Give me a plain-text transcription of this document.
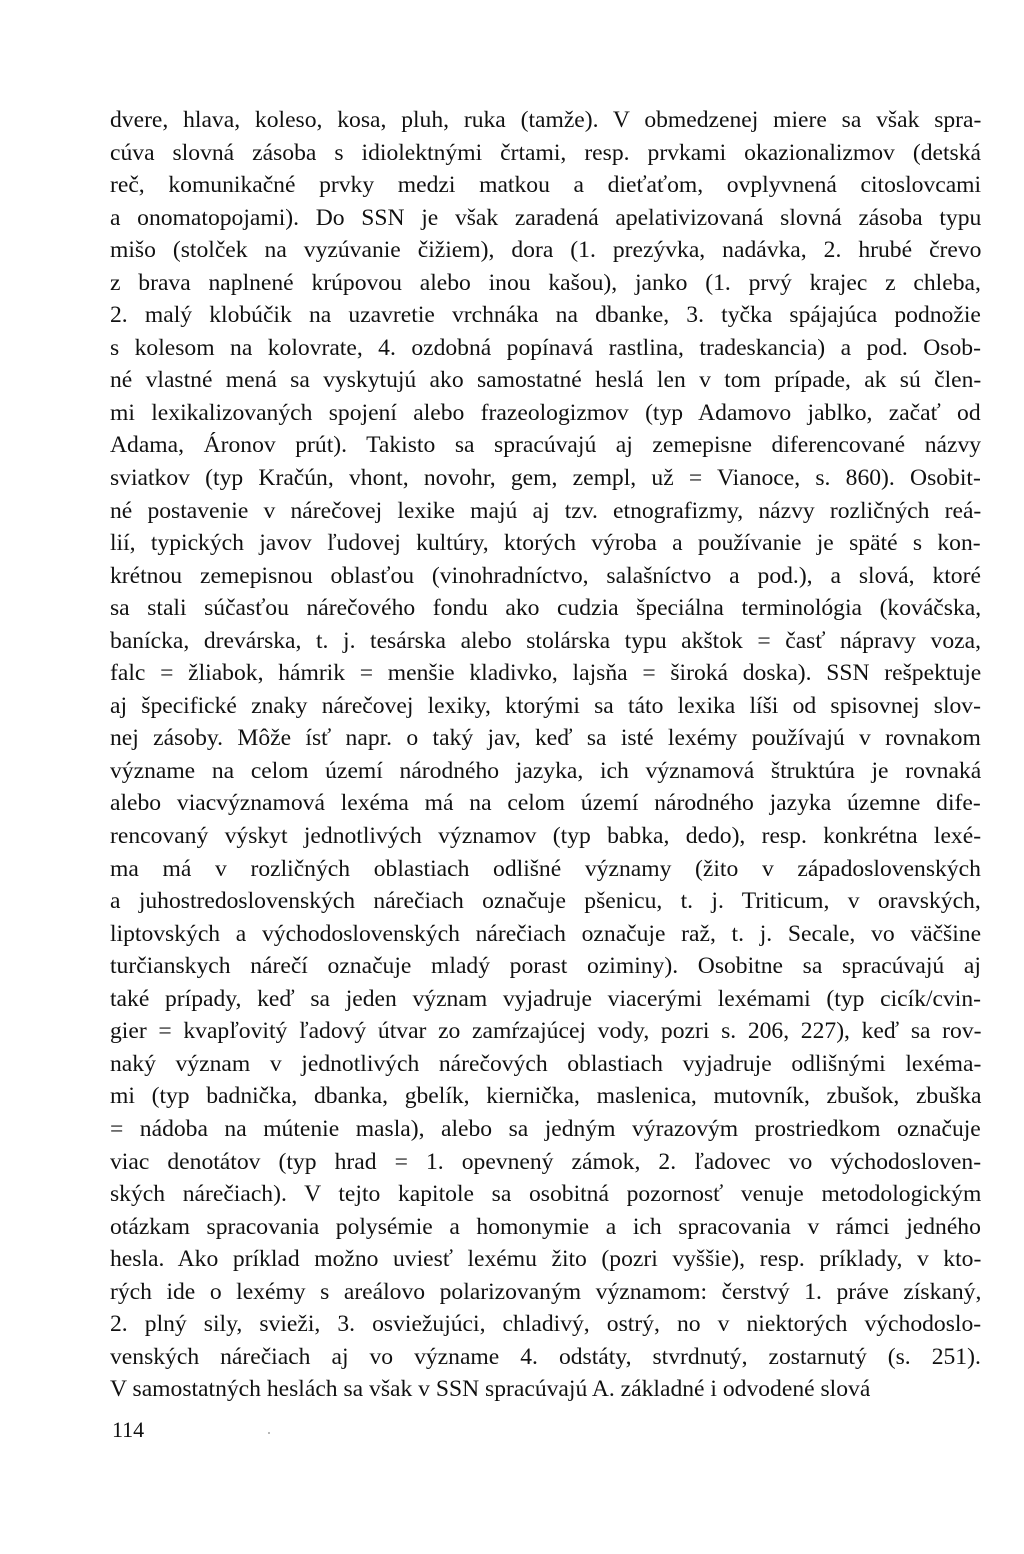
dvere, hlava, koleso, kosa, pluh, ruka (tamže). V obmedzenej miere sa však spra-
cúva slovná zásoba s idiolektnými črtami, resp. prvkami okazionalizmov (detská
reč, komunikačné prvky medzi matkou a dieťaťom, ovplyvnená citoslovcami
a onomatopojami). Do SSN je však zaradená apelativizovaná slovná zásoba typu
mišo (stolček na vyzúvanie čižiem), dora (1. prezývka, nadávka, 2. hrubé črevo
z brava naplnené krúpovou alebo inou kašou), janko (1. prvý krajec z chleba,
2. malý klobúčik na uzavretie vrchnáka na dbanke, 3. tyčka spájajúca podnožie
s kolesom na kolovrate, 4. ozdobná popínavá rastlina, tradeskancia) a pod. Osob-
né vlastné mená sa vyskytujú ako samostatné heslá len v tom prípade, ak sú člen-
mi lexikalizovaných spojení alebo frazeologizmov (typ Adamovo jablko, začať od
Adama, Áronov prút). Takisto sa spracúvajú aj zemepisne diferencované názvy
sviatkov (typ Kračún, vhont, novohr, gem, zempl, už = Vianoce, s. 860). Osobit-
né postavenie v nárečovej lexike majú aj tzv. etnografizmy, názvy rozličných reá-
lií, typických javov ľudovej kultúry, ktorých výroba a používanie je späté s kon-
krétnou zemepisnou oblasťou (vinohradníctvo, salašníctvo a pod.), a slová, ktoré
sa stali súčasťou nárečového fondu ako cudzia špeciálna terminológia (kováčska,
banícka, drevárska, t. j. tesárska alebo stolárska typu akštok = časť nápravy voza,
falc = žliabok, hámrik = menšie kladivko, lajsňa = široká doska). SSN rešpektuje
aj špecifické znaky nárečovej lexiky, ktorými sa táto lexika líši od spisovnej slov-
nej zásoby. Môže ísť napr. o taký jav, keď sa isté lexémy používajú v rovnakom
význame na celom území národného jazyka, ich významová štruktúra je rovnaká
alebo viacvýznamová lexéma má na celom území národného jazyka územne dife-
rencovaný výskyt jednotlivých významov (typ babka, dedo), resp. konkrétna lexé-
ma má v rozličných oblastiach odlišné významy (žito v západoslovenských
a juhostredoslovenských nárečiach označuje pšenicu, t. j. Triticum, v oravských,
liptovských a východoslovenských nárečiach označuje raž, t. j. Secale, vo väčšine
turčianskych nárečí označuje mladý porast oziminy). Osobitne sa spracúvajú aj
také prípady, keď sa jeden význam vyjadruje viacerými lexémami (typ cicík/cvin-
gier = kvapľovitý ľadový útvar zo zamŕzajúcej vody, pozri s. 206, 227), keď sa rov-
naký význam v jednotlivých nárečových oblastiach vyjadruje odlišnými lexéma-
mi (typ badnička, dbanka, gbelík, kiernička, maslenica, mutovník, zbušok, zbuška
= nádoba na mútenie masla), alebo sa jedným výrazovým prostriedkom označuje
viac denotátov (typ hrad = 1. opevnený zámok, 2. ľadovec vo východosloven-
ských nárečiach). V tejto kapitole sa osobitná pozornosť venuje metodologickým
otázkam spracovania polysémie a homonymie a ich spracovania v rámci jedného
hesla. Ako príklad možno uviesť lexému žito (pozri vyššie), resp. príklady, v kto-
rých ide o lexémy s areálovo polarizovaným významom: čerstvý 1. práve získaný,
2. plný sily, svieži, 3. osviežujúci, chladivý, ostrý, no v niektorých východoslo-
venských nárečiach aj vo význame 4. odstáty, stvrdnutý, zostarnutý (s. 251).
V samostatných heslách sa však v SSN spracúvajú A. základné i odvodené slová
114
